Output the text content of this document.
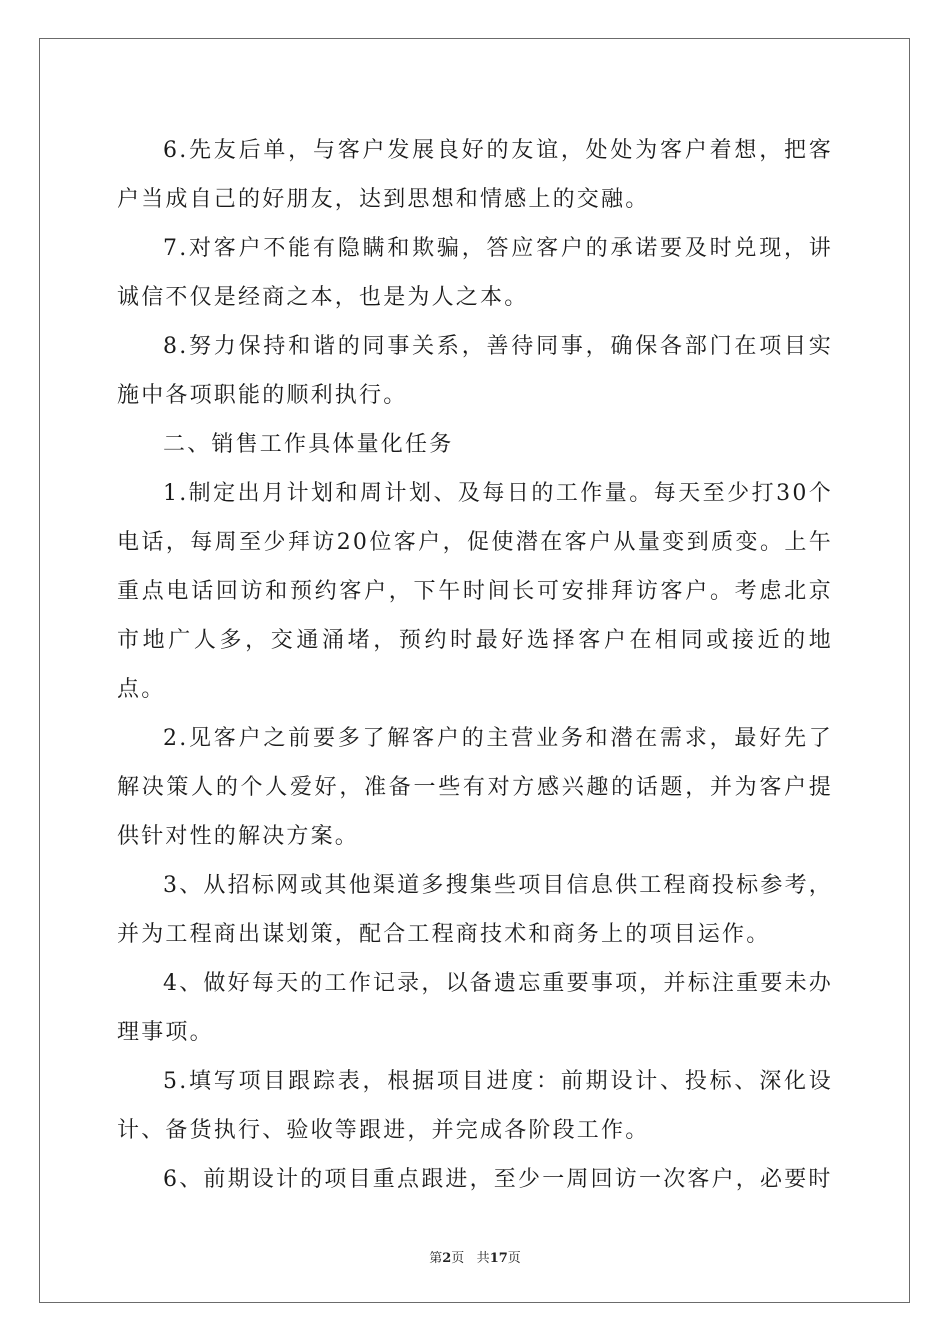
6.先友后单，与客户发展良好的友谊，处处为客户着想，把客户当成自己的好朋友，达到思想和情感上的交融。

7.对客户不能有隐瞒和欺骗，答应客户的承诺要及时兑现，讲诚信不仅是经商之本，也是为人之本。

8.努力保持和谐的同事关系，善待同事，确保各部门在项目实施中各项职能的顺利执行。

二、销售工作具体量化任务

1.制定出月计划和周计划、及每日的工作量。每天至少打30个电话，每周至少拜访20位客户，促使潜在客户从量变到质变。上午重点电话回访和预约客户，下午时间长可安排拜访客户。考虑北京市地广人多，交通涌堵，预约时最好选择客户在相同或接近的地点。

2.见客户之前要多了解客户的主营业务和潜在需求，最好先了解决策人的个人爱好，准备一些有对方感兴趣的话题，并为客户提供针对性的解决方案。

3、从招标网或其他渠道多搜集些项目信息供工程商投标参考，并为工程商出谋划策，配合工程商技术和商务上的项目运作。

4、做好每天的工作记录，以备遗忘重要事项，并标注重要未办理事项。

5.填写项目跟踪表，根据项目进度：前期设计、投标、深化设计、备货执行、验收等跟进，并完成各阶段工作。

6、前期设计的项目重点跟进，至少一周回访一次客户，必要时

第2页 共17页
